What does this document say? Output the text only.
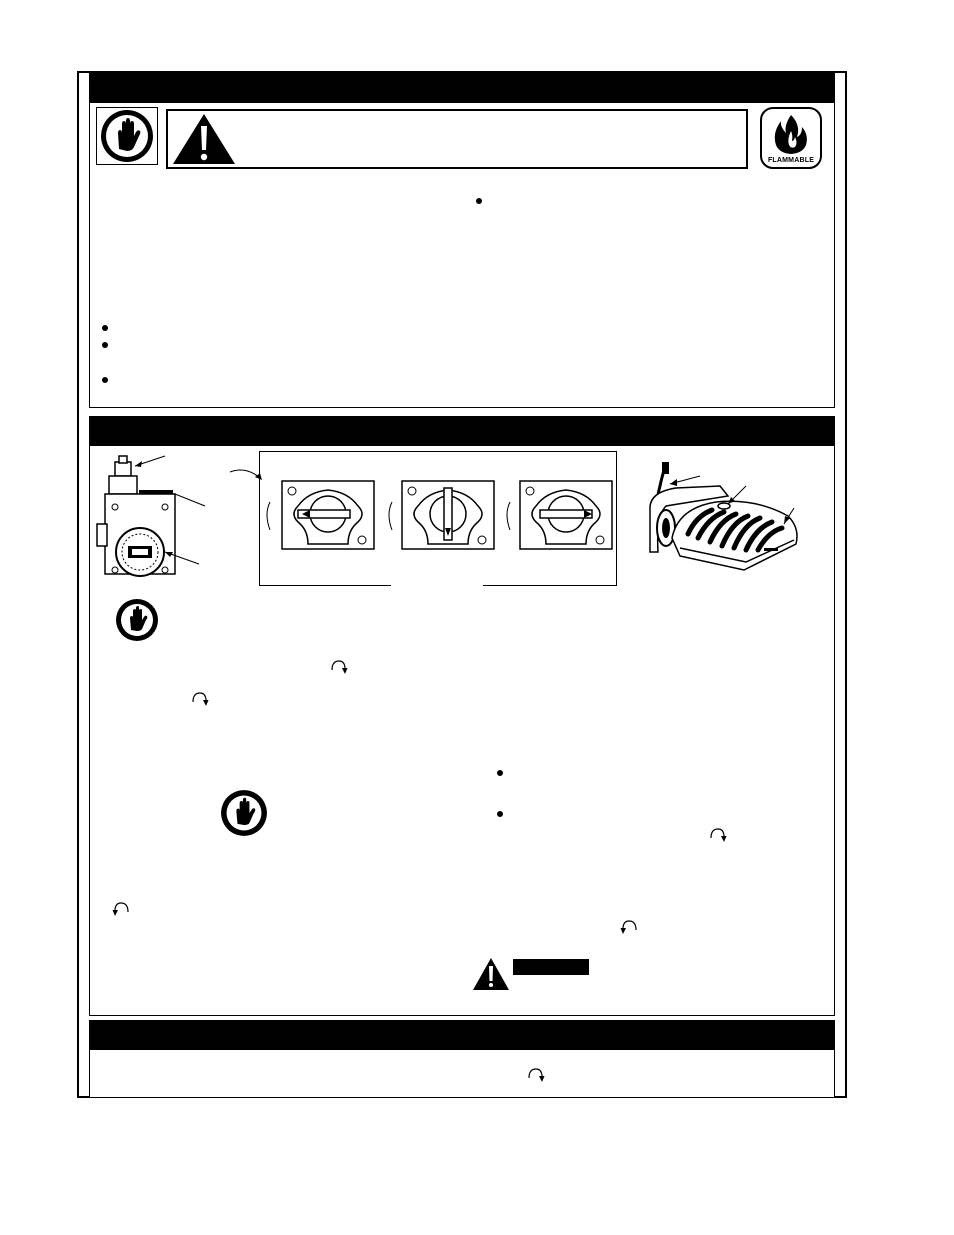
FLAMMABLE
